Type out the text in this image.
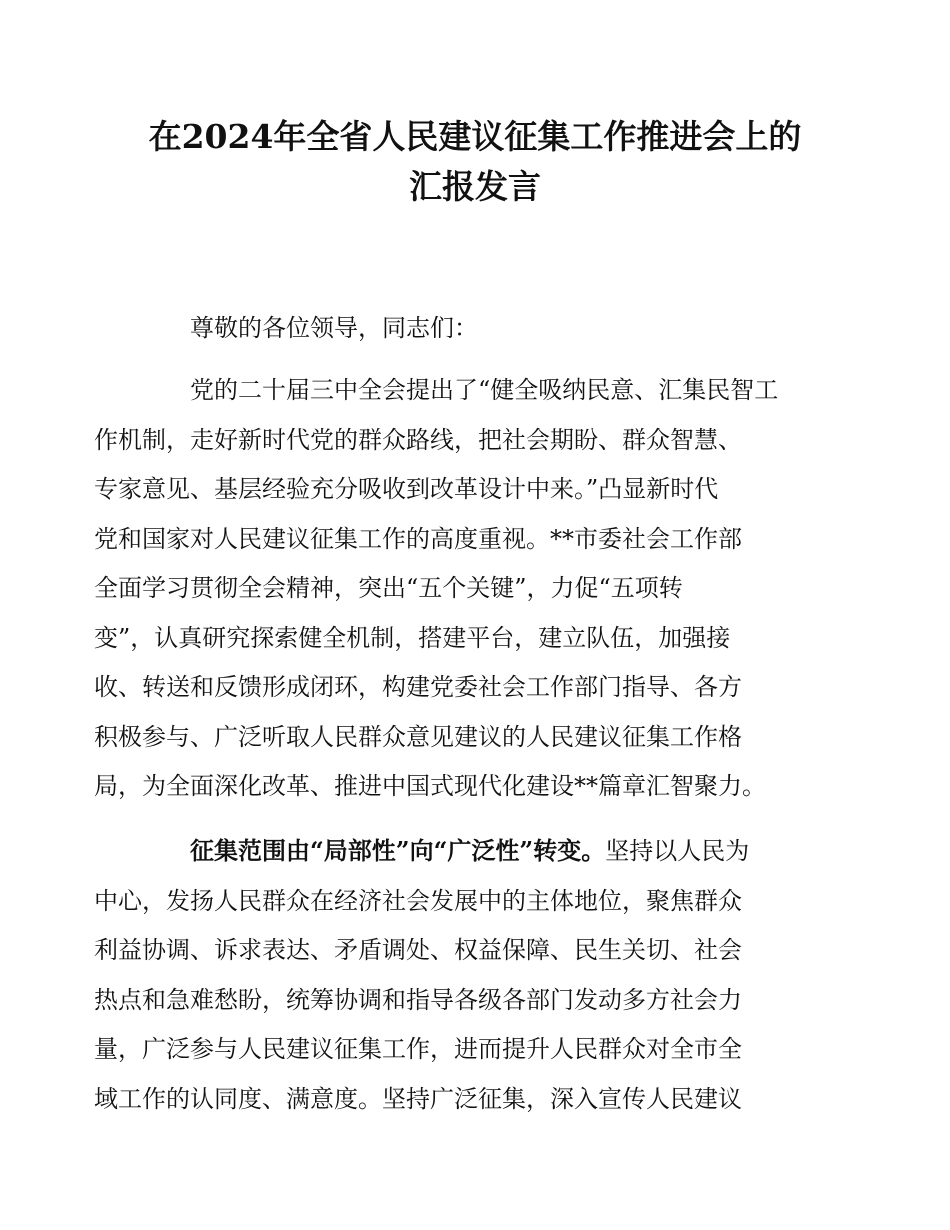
在2024年全省人民建议征集工作推进会上的
汇报发言

尊敬的各位领导，同志们：

党的二十届三中全会提出了“健全吸纳民意、汇集民智工
作机制，走好新时代党的群众路线，把社会期盼、群众智慧、
专家意见、基层经验充分吸收到改革设计中来。”凸显新时代
党和国家对人民建议征集工作的高度重视。**市委社会工作部
全面学习贯彻全会精神，突出“五个关键”，力促“五项转
变”，认真研究探索健全机制，搭建平台，建立队伍，加强接
收、转送和反馈形成闭环，构建党委社会工作部门指导、各方
积极参与、广泛听取人民群众意见建议的人民建议征集工作格
局，为全面深化改革、推进中国式现代化建设**篇章汇智聚力。
征集范围由“局部性”向“广泛性”转变。坚持以人民为
中心，发扬人民群众在经济社会发展中的主体地位，聚焦群众
利益协调、诉求表达、矛盾调处、权益保障、民生关切、社会
热点和急难愁盼，统筹协调和指导各级各部门发动多方社会力
量，广泛参与人民建议征集工作，进而提升人民群众对全市全
域工作的认同度、满意度。坚持广泛征集，深入宣传人民建议
